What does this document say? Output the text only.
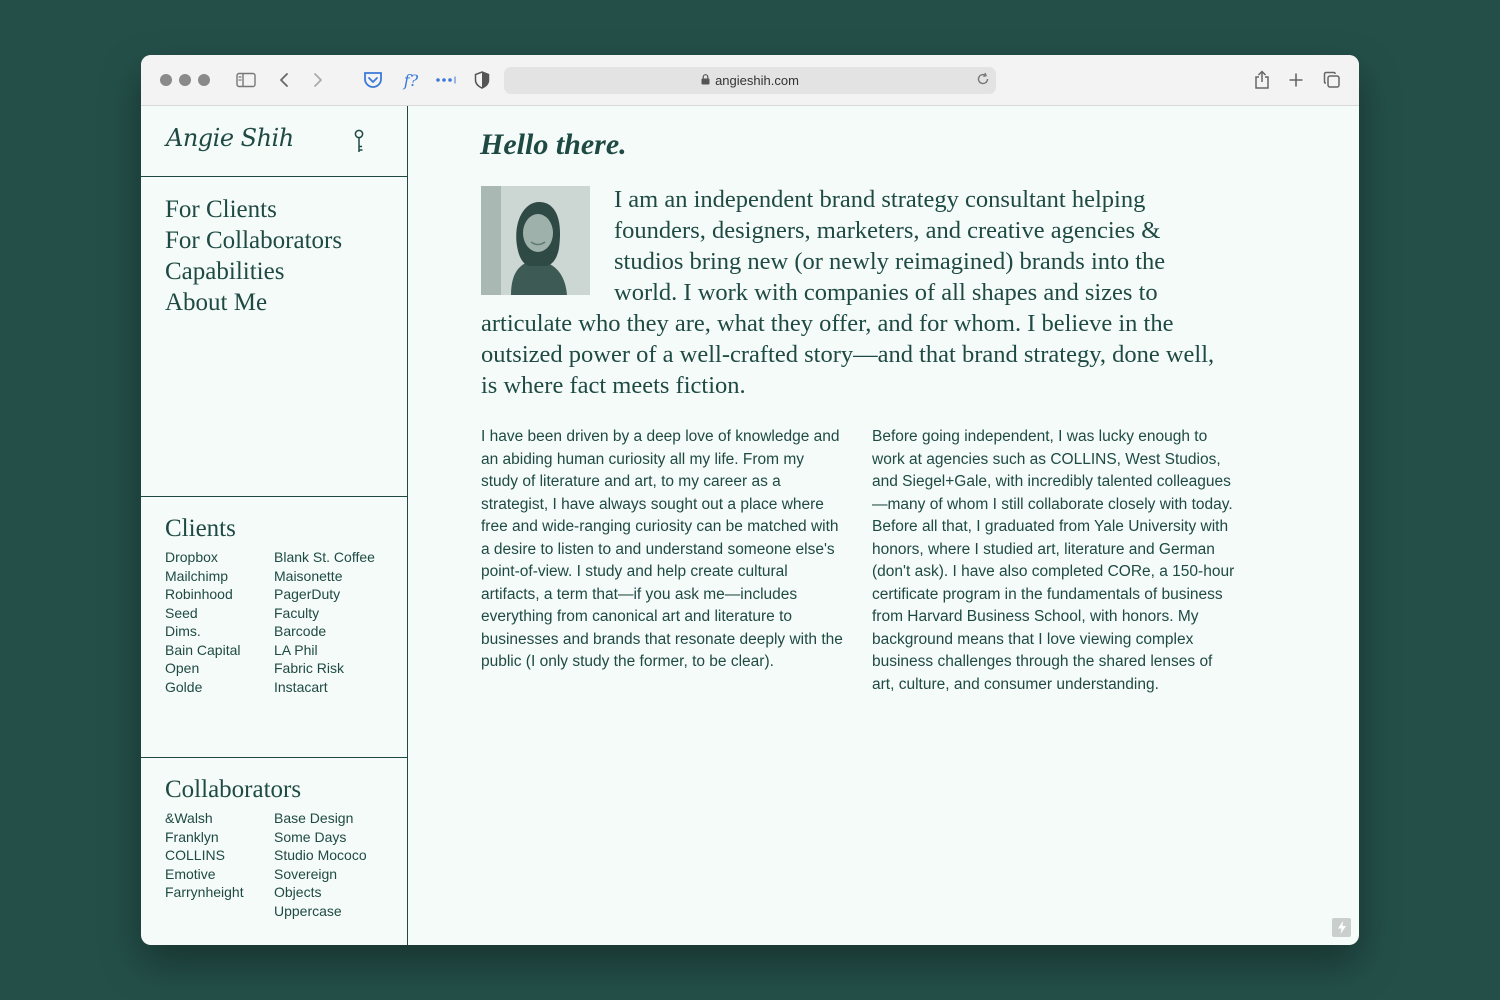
f?	angieshih.com
Angie Shih
For Clients
For Collaborators
Capabilities
About Me
Clients
Dropbox
Mailchimp
Robinhood
Seed
Dims.
Bain Capital
Open
Golde
Blank St. Coffee
Maisonette
PagerDuty
Faculty
Barcode
LA Phil
Fabric Risk
Instacart
Collaborators
&Walsh
Franklyn
COLLINS
Emotive
Farrynheight
Base Design
Some Days
Studio Mococo
Sovereign
Objects
Uppercase
Hello there.
I am an independent brand strategy consultant helping founders, designers, marketers, and creative agencies & studios bring new (or newly reimagined) brands into the world. I work with companies of all shapes and sizes to articulate who they are, what they offer, and for whom. I believe in the outsized power of a well-crafted story—and that brand strategy, done well, is where fact meets fiction.

I have been driven by a deep love of knowledge and an abiding human curiosity all my life. From my study of literature and art, to my career as a strategist, I have always sought out a place where free and wide-ranging curiosity can be matched with a desire to listen to and understand someone else's point-of-view. I study and help create cultural artifacts, a term that—if you ask me—includes everything from canonical art and literature to businesses and brands that resonate deeply with the public (I only study the former, to be clear).

Before going independent, I was lucky enough to work at agencies such as COLLINS, West Studios, and Siegel+Gale, with incredibly talented colleagues—many of whom I still collaborate closely with today. Before all that, I graduated from Yale University with honors, where I studied art, literature and German (don't ask). I have also completed CORe, a 150-hour certificate program in the fundamentals of business from Harvard Business School, with honors. My background means that I love viewing complex business challenges through the shared lenses of art, culture, and consumer understanding.
